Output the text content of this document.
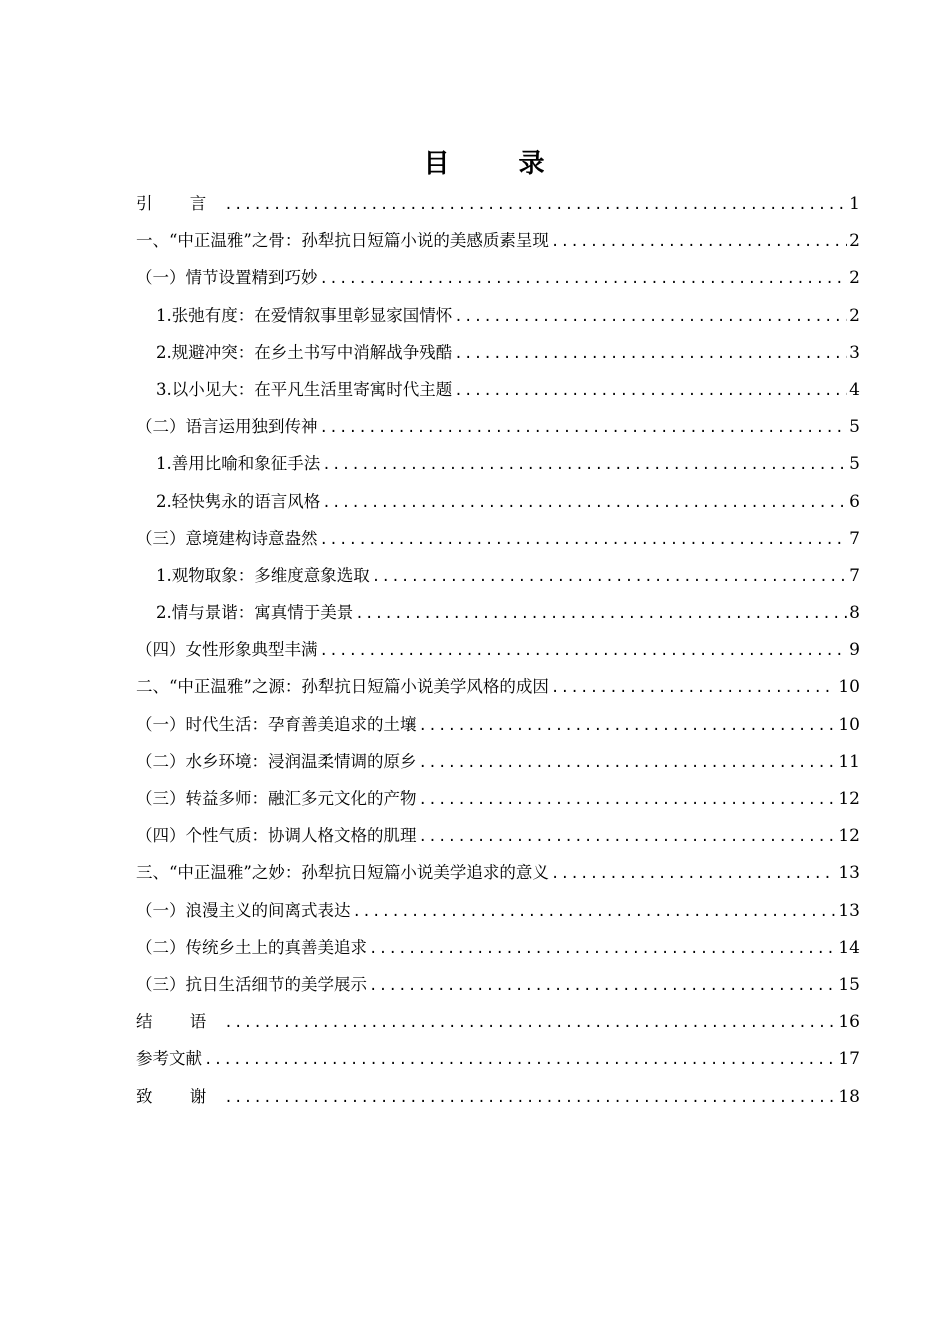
目 录
引 言 .....	1
一、“中正温雅”之骨：孙犁抗日短篇小说的美感质素呈现 .....	2
（一）情节设置精到巧妙 .....	2
1.张弛有度：在爱情叙事里彰显家国情怀 .....	2
2.规避冲突：在乡土书写中消解战争残酷 .....	3
3.以小见大：在平凡生活里寄寓时代主题 .....	4
（二）语言运用独到传神 .....	5
1.善用比喻和象征手法 .....	5
2.轻快隽永的语言风格 .....	6
（三）意境建构诗意盎然 .....	7
1.观物取象：多维度意象选取 .....	7
2.情与景谐：寓真情于美景 .....	8
（四）女性形象典型丰满 .....	9
二、“中正温雅”之源：孙犁抗日短篇小说美学风格的成因 .....	10
（一）时代生活：孕育善美追求的土壤 .....	10
（二）水乡环境：浸润温柔情调的原乡 .....	11
（三）转益多师：融汇多元文化的产物 .....	12
（四）个性气质：协调人格文格的肌理 .....	12
三、“中正温雅”之妙：孙犁抗日短篇小说美学追求的意义 .....	13
（一）浪漫主义的间离式表达 .....	13
（二）传统乡土上的真善美追求 .....	14
（三）抗日生活细节的美学展示 .....	15
结 语 .....	16
参考文献 .....	17
致 谢 .....	18
